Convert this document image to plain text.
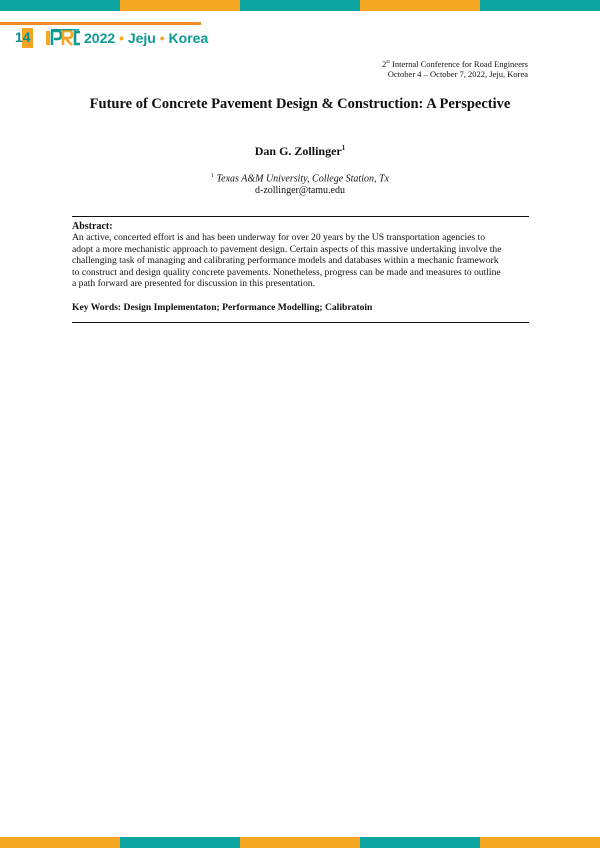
14	2022 • Jeju • Korea
2st Internal Conference for Road Engineers
October 4 – October 7, 2022, Jeju, Korea
Future of Concrete Pavement Design & Construction: A Perspective
Dan G. Zollinger$^1$
$^1$ Texas A&M University, College Station, Tx
d-zollinger@tamu.edu
Abstract:
An active, concerted effort is and has been underway for over 20 years by the US transportation agencies to
adopt a more mechanistic approach to pavement design. Certain aspects of this massive undertaking involve the
challenging task of managing and calibrating performance models and databases within a mechanic framework
to construct and design quality concrete pavements. Nonetheless, progress can be made and measures to outline
a path forward are presented for discussion in this presentation.
Key Words: Design Implementaton; Performance Modelling; Calibratoin
